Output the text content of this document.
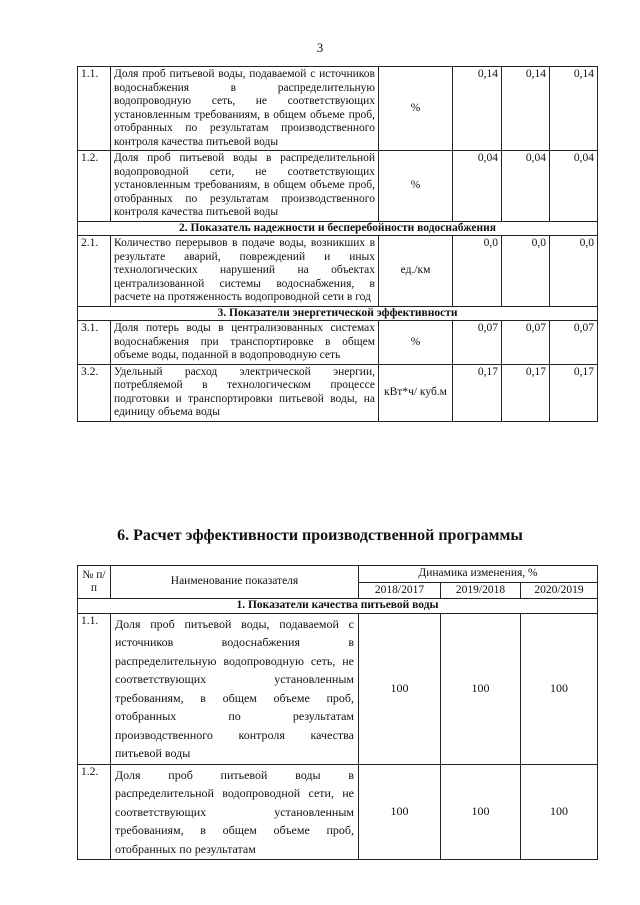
3
1.1.	Доля проб питьевой воды, подаваемой с источников водоснабжения в распределительную водопроводную сеть, не соответствующих установленным требованиям, в общем объеме проб, отобранных по результатам производственного контроля качества питьевой воды	%	0,14	0,14	0,14
1.2.	Доля проб питьевой воды в распределительной водопроводной сети, не соответствующих установленным требованиям, в общем объеме проб, отобранных по результатам производственного контроля качества питьевой воды	%	0,04	0,04	0,04
2. Показатель надежности и бесперебойности водоснабжения					
2.1.	Количество перерывов в подаче воды, возникших в результате аварий, повреждений и иных технологических нарушений на объектах централизованной системы водоснабжения, в расчете на протяженность водопроводной сети в год	ед./км	0,0	0,0	0,0
3. Показатели энергетической эффективности					
3.1.	Доля потерь воды в централизованных системах водоснабжения при транспортировке в общем объеме воды, поданной в водопроводную сеть	%	0,07	0,07	0,07
3.2.	Удельный расход электрической энергии, потребляемой в технологическом процессе подготовки и транспортировки питьевой воды, на единицу объема воды	кВт*ч/ куб.м	0,17	0,17	0,17
6. Расчет эффективности производственной программы
№ п/п	Наименование показателя	Динамика изменения, %		
		2018/2017	2019/2018	2020/2019
1. Показатели качества питьевой воды				
1.1.	Доля проб питьевой воды, подаваемой с источников водоснабжения в распределительную водопроводную сеть, не соответствующих установленным требованиям, в общем объеме проб, отобранных по результатам производственного контроля качества питьевой воды	100	100	100
1.2.	Доля проб питьевой воды в распределительной водопроводной сети, не соответствующих установленным требованиям, в общем объеме проб, отобранных по результатам	100	100	100
